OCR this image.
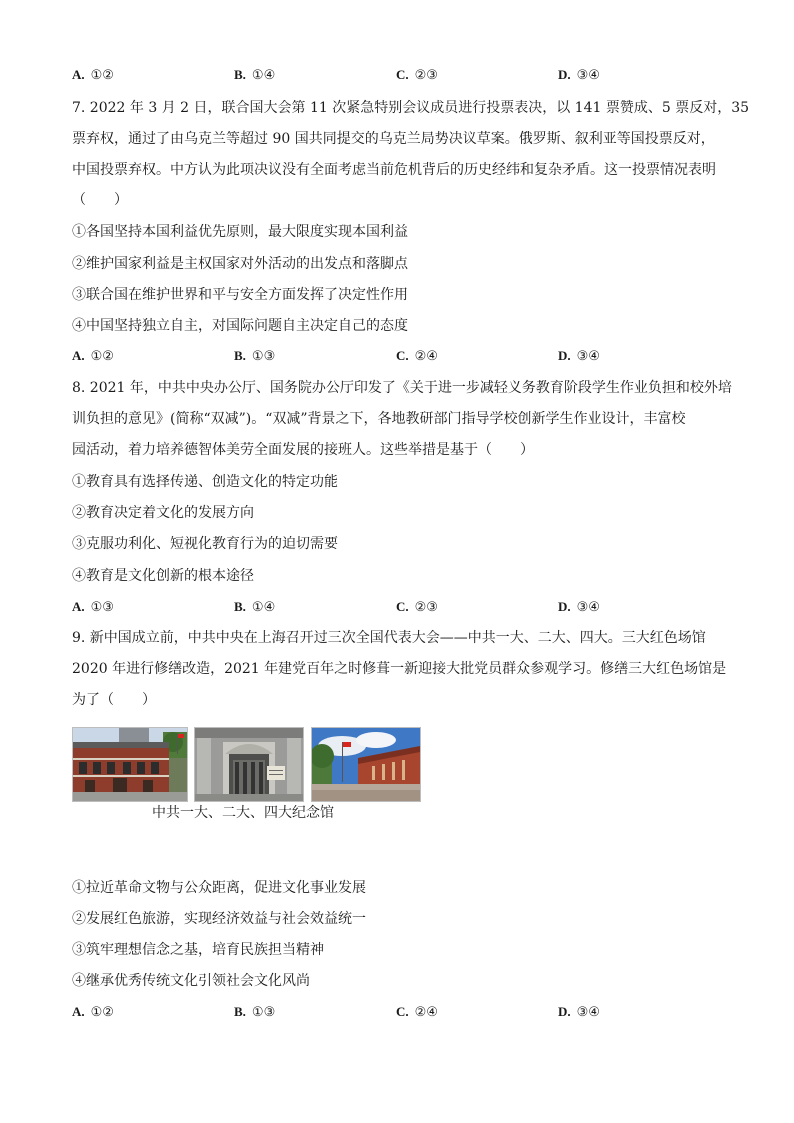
A. ①②	B. ①④	C. ②③	D. ③④
7. 2022 年 3 月 2 日，联合国大会第 11 次紧急特别会议成员进行投票表决，以 141 票赞成、5 票反对，35
票弃权，通过了由乌克兰等超过 90 国共同提交的乌克兰局势决议草案。俄罗斯、叙利亚等国投票反对，
中国投票弃权。中方认为此项决议没有全面考虑当前危机背后的历史经纬和复杂矛盾。这一投票情况表明
（　　）
①各国坚持本国利益优先原则，最大限度实现本国利益
②维护国家利益是主权国家对外活动的出发点和落脚点
③联合国在维护世界和平与安全方面发挥了决定性作用
④中国坚持独立自主，对国际问题自主决定自己的态度
A. ①②	B. ①③	C. ②④	D. ③④
8. 2021 年，中共中央办公厅、国务院办公厅印发了《关于进一步减轻义务教育阶段学生作业负担和校外培
训负担的意见》(简称“双减”)。“双减”背景之下，各地教研部门指导学校创新学生作业设计，丰富校
园活动，着力培养德智体美劳全面发展的接班人。这些举措是基于（　　）
①教育具有选择传递、创造文化的特定功能
②教育决定着文化的发展方向
③克服功利化、短视化教育行为的迫切需要
④教育是文化创新的根本途径
A. ①③	B. ①④	C. ②③	D. ③④
9. 新中国成立前，中共中央在上海召开过三次全国代表大会——中共一大、二大、四大。三大红色场馆
2020 年进行修缮改造，2021 年建党百年之时修葺一新迎接大批党员群众参观学习。修缮三大红色场馆是
为了（　　）
中共一大、二大、四大纪念馆
①拉近革命文物与公众距离，促进文化事业发展
②发展红色旅游，实现经济效益与社会效益统一
③筑牢理想信念之基，培育民族担当精神
④继承优秀传统文化引领社会文化风尚
A. ①②	B. ①③	C. ②④	D. ③④
